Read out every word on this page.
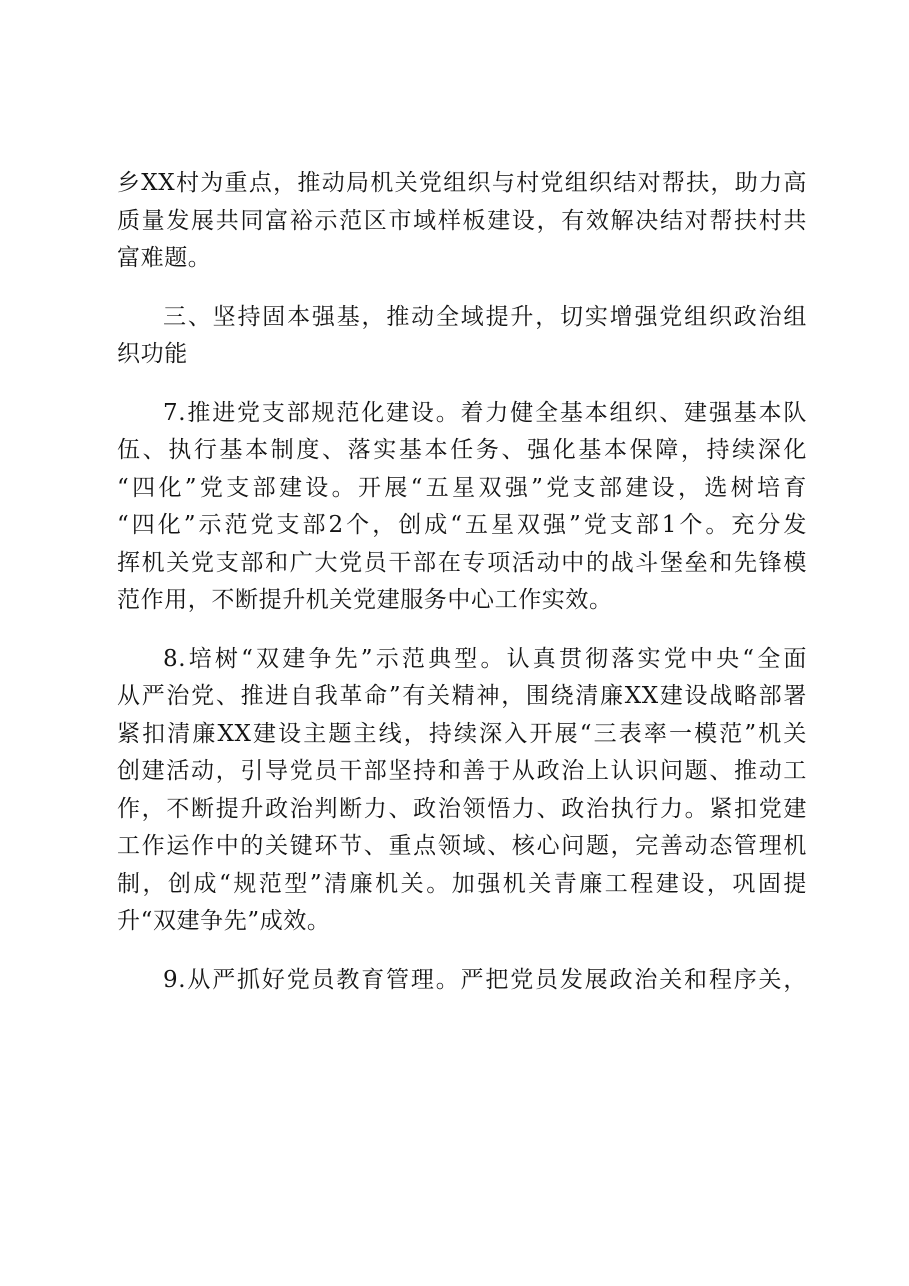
乡XX村为重点，推动局机关党组织与村党组织结对帮扶，助力高
质量发展共同富裕示范区市域样板建设，有效解决结对帮扶村共
富难题。
三、坚持固本强基，推动全域提升，切实增强党组织政治组
织功能
7.推进党支部规范化建设。着力健全基本组织、建强基本队
伍、执行基本制度、落实基本任务、强化基本保障，持续深化
“四化”党支部建设。开展“五星双强”党支部建设，选树培育
“四化”示范党支部2个，创成“五星双强”党支部1个。充分发
挥机关党支部和广大党员干部在专项活动中的战斗堡垒和先锋模
范作用，不断提升机关党建服务中心工作实效。
8.培树“双建争先”示范典型。认真贯彻落实党中央“全面
从严治党、推进自我革命”有关精神，围绕清廉XX建设战略部署
紧扣清廉XX建设主题主线，持续深入开展“三表率一模范”机关
创建活动，引导党员干部坚持和善于从政治上认识问题、推动工
作，不断提升政治判断力、政治领悟力、政治执行力。紧扣党建
工作运作中的关键环节、重点领域、核心问题，完善动态管理机
制，创成“规范型”清廉机关。加强机关青廉工程建设，巩固提
升“双建争先”成效。
9.从严抓好党员教育管理。严把党员发展政治关和程序关，
